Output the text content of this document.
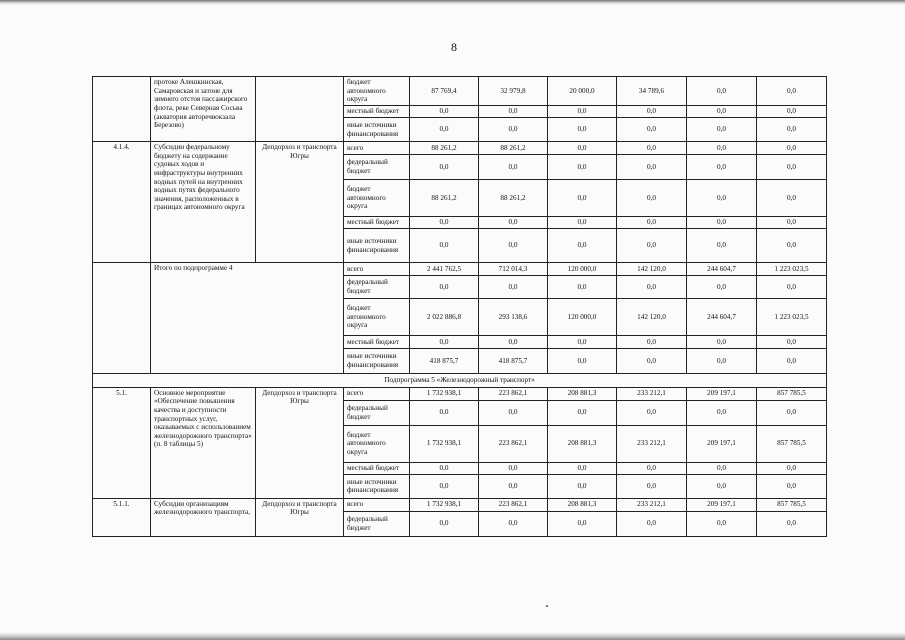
8
	протоке Алешкинская, Самаровская и затоне для зимнего отстоя пассажирского флота, реке Северная Сосьва (акватория авторечвокзала Березово)		бюджет автономного округа	87 769,4	32 979,8	20 000,0	34 789,6	0,0	0,0
			местный бюджет	0,0	0,0	0,0	0,0	0,0	0,0
			иные источники финансирования	0,0	0,0	0,0	0,0	0,0	0,0
4.1.4.	Субсидии федеральному бюджету на содержание судовых ходов и инфраструктуры внутренних водных путей на внутренних водных путях федерального значения, расположенных в границах автономного округа	Депдорхоз и транспорта Югры	всего	88 261,2	88 261,2	0,0	0,0	0,0	0,0
			федеральный бюджет	0,0	0,0	0,0	0,0	0,0	0,0
			бюджет автономного округа	88 261,2	88 261,2	0,0	0,0	0,0	0,0
			местный бюджет	0,0	0,0	0,0	0,0	0,0	0,0
			иные источники финансирования	0,0	0,0	0,0	0,0	0,0	0,0
	Итого по подпрограмме 4		всего	2 441 762,5	712 014,3	120 000,0	142 120,0	244 604,7	1 223 023,5
			федеральный бюджет	0,0	0,0	0,0	0,0	0,0	0,0
			бюджет автономного округа	2 022 886,8	293 138,6	120 000,0	142 120,0	244 604,7	1 223 023,5
			местный бюджет	0,0	0,0	0,0	0,0	0,0	0,0
			иные источники финансирования	418 875,7	418 875,7	0,0	0,0	0,0	0,0
Подпрограмма 5 «Железнодорожный транспорт»									
5.1.	Основное мероприятие «Обеспечение повышения качества и доступности транспортных услуг, оказываемых с использованием железнодорожного транспорта» (п. 8 таблицы 5)	Депдорхоз и транспорта Югры	всего	1 732 938,1	223 862,1	208 881,3	233 212,1	209 197,1	857 785,5
			федеральный бюджет	0,0	0,0	0,0	0,0	0,0	0,0
			бюджет автономного округа	1 732 938,1	223 862,1	208 881,3	233 212,1	209 197,1	857 785,5
			местный бюджет	0,0	0,0	0,0	0,0	0,0	0,0
			иные источники финансирования	0,0	0,0	0,0	0,0	0,0	0,0
5.1.1.	Субсидии организациям железнодорожного транспорта,	Депдорхоз и транспорта Югры	всего	1 732 938,1	223 862,1	208 881,3	233 212,1	209 197,1	857 785,5
			федеральный бюджет	0,0	0,0	0,0	0,0	0,0	0,0
